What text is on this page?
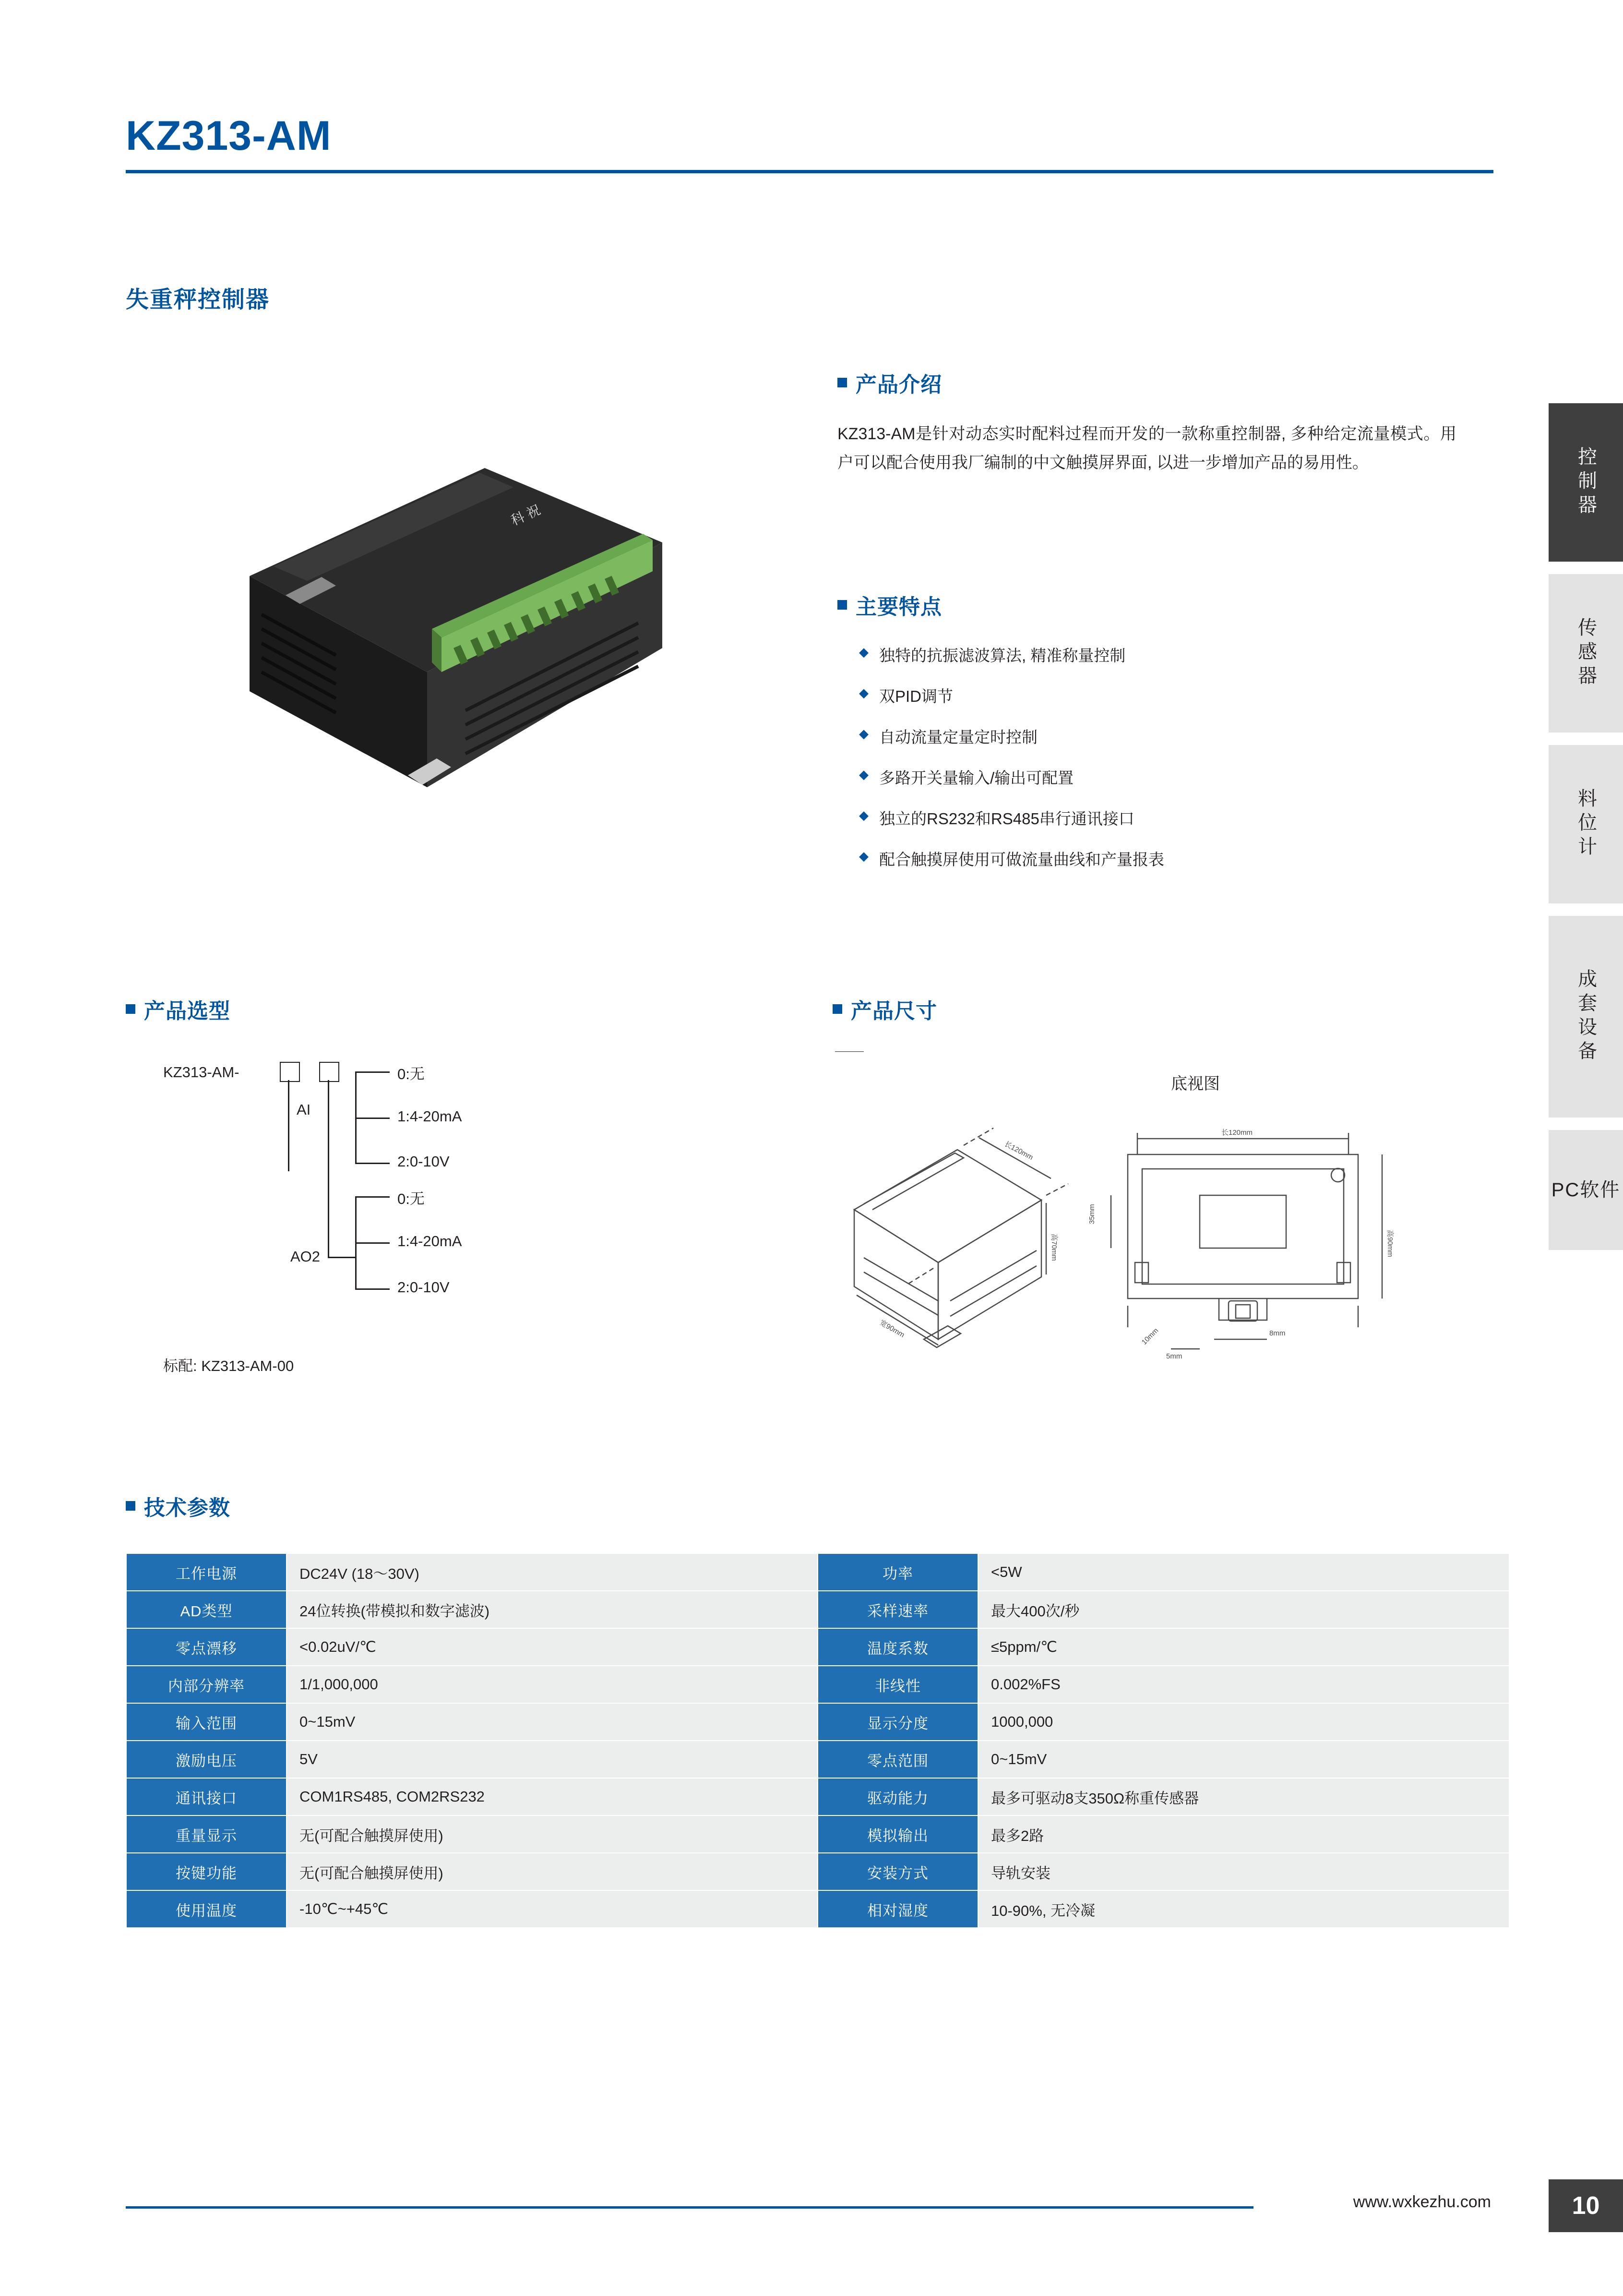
KZ313-AM
失重秤控制器
科 祝
产品介绍
KZ313-AM是针对动态实时配料过程而开发的一款称重控制器, 多种给定流量模式。用户可以配合使用我厂编制的中文触摸屏界面, 以进一步增加产品的易用性。
主要特点
◆ 独特的抗振滤波算法, 精准称量控制
◆ 双PID调节
◆ 自动流量定量定时控制
◆ 多路开关量输入/输出可配置
◆ 独立的RS232和RS485串行通讯接口
◆ 配合触摸屏使用可做流量曲线和产量报表
产品选型
KZ313-AM-
AI
0:无
1:4-20mA
2:0-10V
AO2
0:无
1:4-20mA
2:0-10V
标配: KZ313-AM-00
产品尺寸
底视图
长120mm
高70mm
宽90mm
长120mm
高90mm
35mm
8mm
5mm
10mm
技术参数
工作电源	DC24V (18～30V)	功率	<5W
AD类型	24位转换(带模拟和数字滤波)	采样速率	最大400次/秒
零点漂移	<0.02uV/℃	温度系数	≤5ppm/℃
内部分辨率	1/1,000,000	非线性	0.002%FS
输入范围	0~15mV	显示分度	1000,000
激励电压	5V	零点范围	0~15mV
通讯接口	COM1RS485, COM2RS232	驱动能力	最多可驱动8支350Ω称重传感器
重量显示	无(可配合触摸屏使用)	模拟输出	最多2路
按键功能	无(可配合触摸屏使用)	安装方式	导轨安装
使用温度	-10℃~+45℃	相对湿度	10-90%, 无冷凝
控制器
传感器
料位计
成套设备
PC软件
www.wxkezhu.com	10
